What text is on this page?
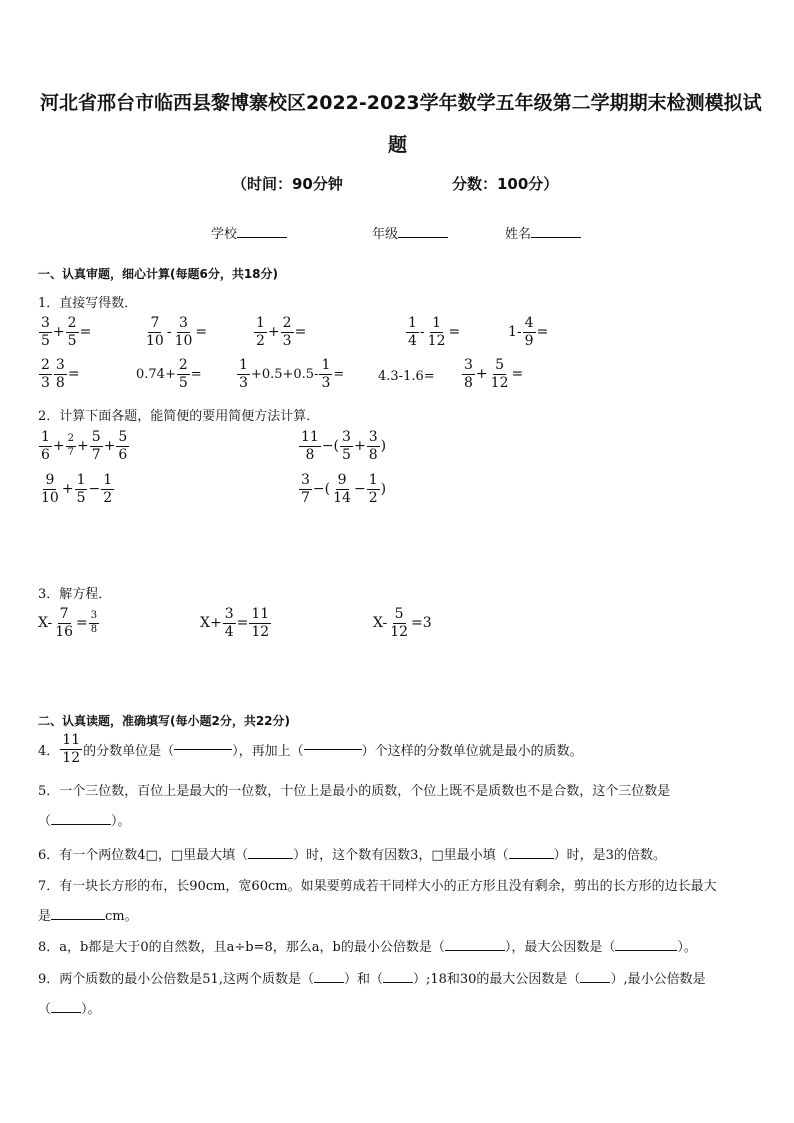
河北省邢台市临西县黎博寨校区2022-2023学年数学五年级第二学期期末检测模拟试
题
（时间：90分钟	分数：100分）
学校	年级	姓名
一、认真审题，细心计算(每题6分，共18分)
1．直接写得数．
$\frac{3}{5} + \frac{2}{5}$ =	$\frac{7}{10} - \frac{3}{10}$ =	$\frac{1}{2} + \frac{2}{3}$ =	$\frac{1}{4} - \frac{1}{12}$ =	$1- \frac{4}{9}$ =
$\frac{2}{3} \frac{3}{8}$ =	$0.74+ \frac{2}{5}$ =	$\frac{1}{3} +0.5+0.5- \frac{1}{3}$ =	$4.3-1.6= \frac{3}{8} + \frac{5}{12}$ =
2．计算下面各题，能简便的要用简便方法计算．
$\frac{1}{6} + \frac{2}{7} + \frac{5}{7} + \frac{5}{6}$	$\frac{11}{8}$ −( $\frac{3}{5} + \frac{3}{8}$ )
$\frac{9}{10} + \frac{1}{5} - \frac{1}{2}$	$\frac{3}{7}$ −( $\frac{9}{14} - \frac{1}{2}$ )
3．解方程．
$X- \frac{7}{16} = \frac{3}{8}$	$X+ \frac{3}{4} = \frac{11}{12}$	$X- \frac{5}{12} =3$
二、认真读题，准确填写(每小题2分，共22分)
4． $\frac{11}{12}$ 的分数单位是（	），再加上（	）个这样的分数单位就是最小的质数。
5．一个三位数，百位上是最大的一位数，十位上是最小的质数，个位上既不是质数也不是合数，这个三位数是
（	）。
6．有一个两位数4□，□里最大填（	）时，这个数有因数3，□里最小填（	）时，是3的倍数。
7．有一块长方形的布，长90cm，宽60cm。如果要剪成若干同样大小的正方形且没有剩余，剪出的长方形的边长最大
是	cm。
8．a，b都是大于0的自然数，且a÷b=8，那么a，b的最小公倍数是（	），最大公因数是（	）。
9．两个质数的最小公倍数是51,这两个质数是（ ）和（ ）;18和30的最大公因数是（ ）,最小公倍数是
（ ）。
